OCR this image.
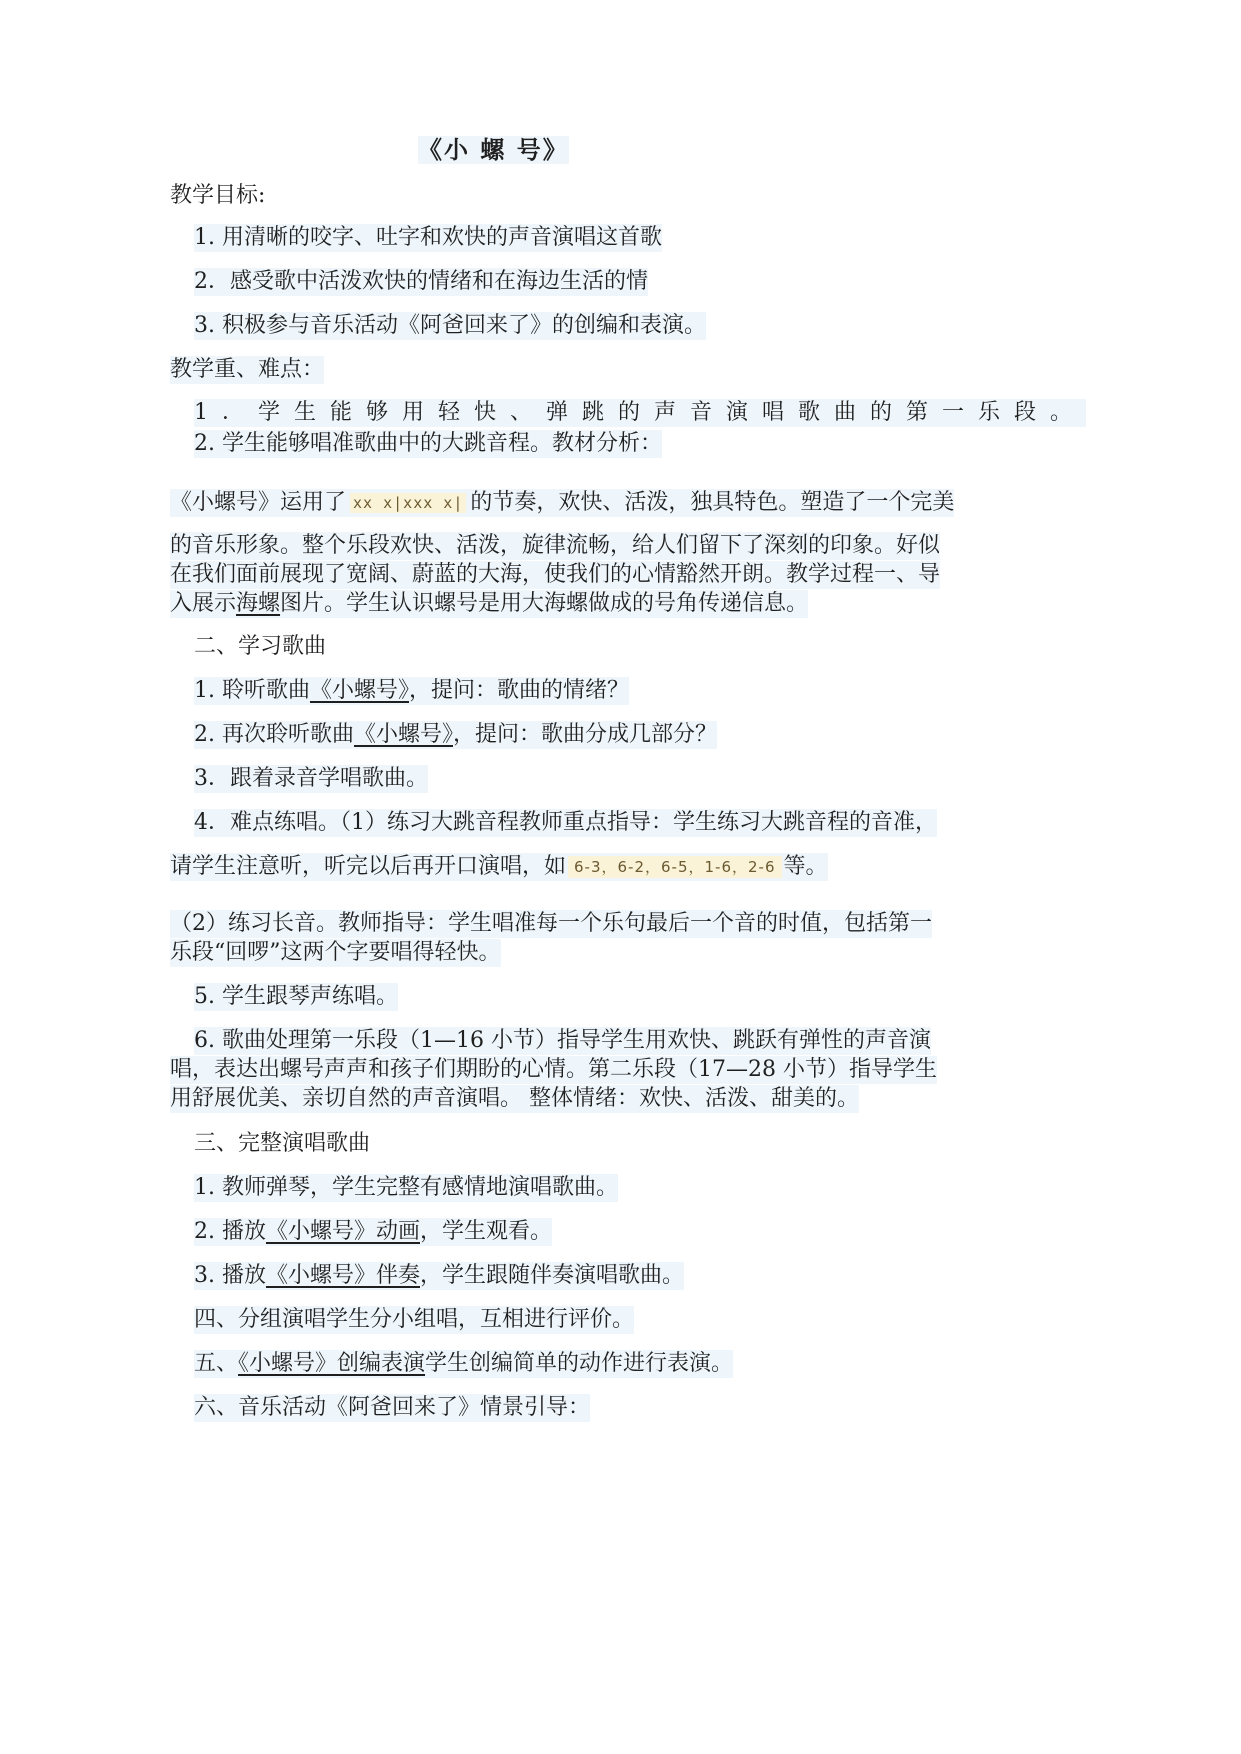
《小 螺 号》
教学目标:
1. 用清晰的咬字、吐字和欢快的声音演唱这首歌
2．感受歌中活泼欢快的情绪和在海边生活的情
3. 积极参与音乐活动《阿爸回来了》的创编和表演。
教学重、难点：
1．学生能够用轻快、弹跳的声音演唱歌曲的第一乐段。
2. 学生能够唱准歌曲中的大跳音程。教材分析：
《小螺号》运用了 xx x|xxx x| 的节奏，欢快、活泼，独具特色。塑造了一个完美
的音乐形象。整个乐段欢快、活泼，旋律流畅，给人们留下了深刻的印象。好似
在我们面前展现了宽阔、蔚蓝的大海，使我们的心情豁然开朗。教学过程一、导
入展示海螺图片。学生认识螺号是用大海螺做成的号角传递信息。
二、学习歌曲
1. 聆听歌曲《小螺号》，提问：歌曲的情绪？
2. 再次聆听歌曲《小螺号》，提问：歌曲分成几部分？
3．跟着录音学唱歌曲。
4．难点练唱。（1）练习大跳音程教师重点指导：学生练习大跳音程的音准，
请学生注意听，听完以后再开口演唱，如 6-3，6-2，6-5，1-6，2-6 等。
（2）练习长音。教师指导：学生唱准每一个乐句最后一个音的时值，包括第一
乐段“回啰”这两个字要唱得轻快。
5. 学生跟琴声练唱。
6. 歌曲处理第一乐段（1—16 小节）指导学生用欢快、跳跃有弹性的声音演
唱，表达出螺号声声和孩子们期盼的心情。第二乐段（17—28 小节）指导学生
用舒展优美、亲切自然的声音演唱。 整体情绪：欢快、活泼、甜美的。
三、完整演唱歌曲
1. 教师弹琴，学生完整有感情地演唱歌曲。
2. 播放《小螺号》动画，学生观看。
3. 播放《小螺号》伴奏，学生跟随伴奏演唱歌曲。
四、分组演唱学生分小组唱，互相进行评价。
五、《小螺号》创编表演学生创编简单的动作进行表演。
六、音乐活动《阿爸回来了》情景引导：
